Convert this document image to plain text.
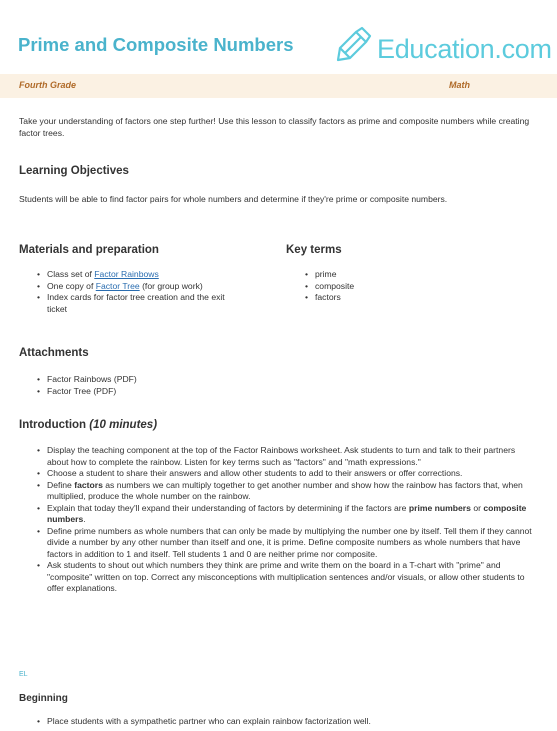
Prime and Composite Numbers	Education.com
Fourth Grade	Math
Take your understanding of factors one step further! Use this lesson to classify factors as prime and composite numbers while creating factor trees.
Learning Objectives
Students will be able to find factor pairs for whole numbers and determine if they're prime or composite numbers.
Materials and preparation
• Class set of Factor Rainbows
• One copy of Factor Tree (for group work)
• Index cards for factor tree creation and the exit ticket
Key terms
• prime
• composite
• factors
Attachments
• Factor Rainbows (PDF)
• Factor Tree (PDF)
Introduction (10 minutes)
• Display the teaching component at the top of the Factor Rainbows worksheet. Ask students to turn and talk to their partners about how to complete the rainbow. Listen for key terms such as "factors" and "math expressions."
• Choose a student to share their answers and allow other students to add to their answers or offer corrections.
• Define factors as numbers we can multiply together to get another number and show how the rainbow has factors that, when multiplied, produce the whole number on the rainbow.
• Explain that today they'll expand their understanding of factors by determining if the factors are prime numbers or composite numbers.
• Define prime numbers as whole numbers that can only be made by multiplying the number one by itself. Tell them if they cannot divide a number by any other number than itself and one, it is prime. Define composite numbers as whole numbers that have factors in addition to 1 and itself. Tell students 1 and 0 are neither prime nor composite.
• Ask students to shout out which numbers they think are prime and write them on the board in a T-chart with "prime" and "composite" written on top. Correct any misconceptions with multiplication sentences and/or visuals, or allow other students to offer explanations.
EL
Beginning
• Place students with a sympathetic partner who can explain rainbow factorization well.
